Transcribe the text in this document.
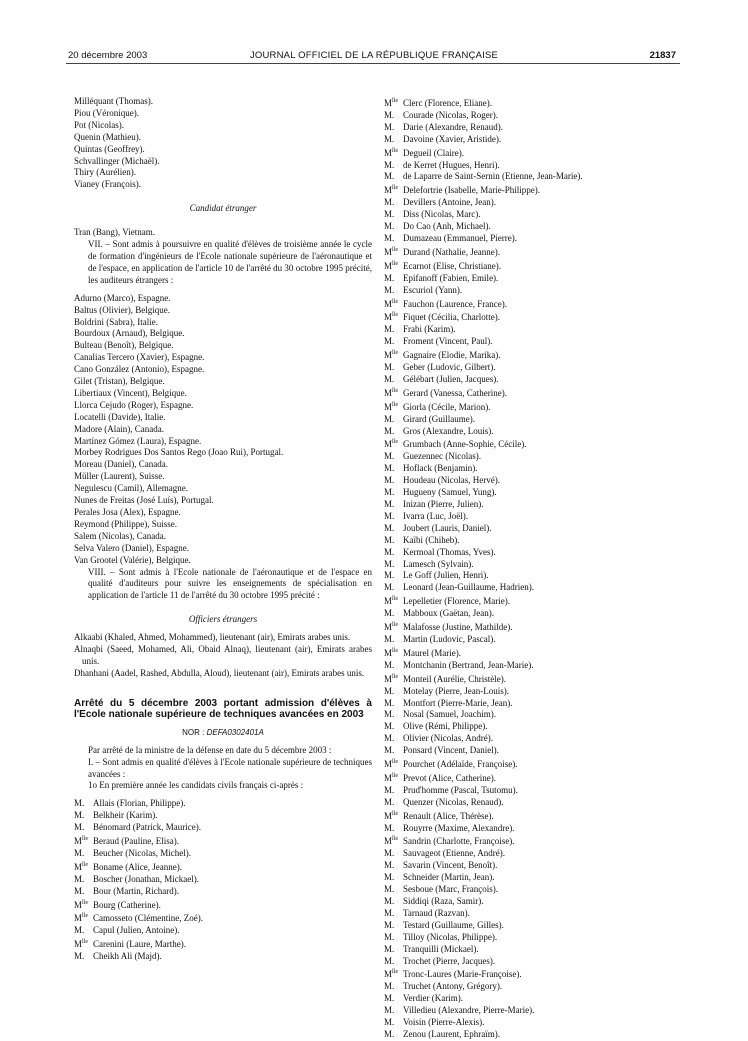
20 décembre 2003	JOURNAL OFFICIEL DE LA RÉPUBLIQUE FRANÇAISE	21837
Milléquant (Thomas).
Piou (Véronique).
Pot (Nicolas).
Quenin (Mathieu).
Quintas (Geoffrey).
Schvallinger (Michaël).
Thiry (Aurélien).
Vianey (François).
Candidat étranger
Tran (Bang), Vietnam.
VII. – Sont admis à poursuivre en qualité d'élèves de troisième année le cycle de formation d'ingénieurs de l'Ecole nationale supérieure de l'aéronautique et de l'espace, en application de l'article 10 de l'arrêté du 30 octobre 1995 précité, les auditeurs étrangers :
Adurno (Marco), Espagne.
Baltus (Olivier), Belgique.
Boldrini (Sabra), Italie.
Bourdoux (Arnaud), Belgique.
Bulteau (Benoît), Belgique.
Canalias Tercero (Xavier), Espagne.
Cano González (Antonio), Espagne.
Gilet (Tristan), Belgique.
Libertiaux (Vincent), Belgique.
Llorca Cejudo (Roger), Espagne.
Locatelli (Davide), Italie.
Madore (Alain), Canada.
Martínez Gómez (Laura), Espagne.
Morbey Rodrigues Dos Santos Rego (Joao Rui), Portugal.
Moreau (Daniel), Canada.
Müller (Laurent), Suisse.
Negulescu (Camil), Allemagne.
Nunes de Freitas (José Luís), Portugal.
Perales Josa (Alex), Espagne.
Reymond (Philippe), Suisse.
Salem (Nicolas), Canada.
Selva Valero (Daniel), Espagne.
Van Grootel (Valérie), Belgique.
VIII. – Sont admis à l'Ecole nationale de l'aéronautique et de l'espace en qualité d'auditeurs pour suivre les enseignements de spécialisation en application de l'article 11 de l'arrêté du 30 octobre 1995 précité :
Officiers étrangers
Alkaabi (Khaled, Ahmed, Mohammed), lieutenant (air), Emirats arabes unis.
Alnaqbi (Saeed, Mohamed, Ali, Obaid Alnaq), lieutenant (air), Emirats arabes unis.
Dhanhani (Aadel, Rashed, Abdulla, Aloud), lieutenant (air), Emirats arabes unis.
Arrêté du 5 décembre 2003 portant admission d'élèves à l'Ecole nationale supérieure de techniques avancées en 2003
NOR : DEFA0302401A
Par arrêté de la ministre de la défense en date du 5 décembre 2003 :
I. – Sont admis en qualité d'élèves à l'Ecole nationale supérieure de techniques avancées :
1o En première année les candidats civils français ci-après :
M. Allais (Florian, Philippe).
M. Belkheir (Karim).
M. Bénomard (Patrick, Maurice).
$M^{lle}$ Beraud (Pauline, Elisa).
M. Beucher (Nicolas, Michel).
$M^{lle}$ Boname (Alice, Jeanne).
M. Boscher (Jonathan, Mickael).
M. Bour (Martin, Richard).
$M^{lle}$ Bourg (Catherine).
$M^{lle}$ Camosseto (Clémentine, Zoé).
M. Capul (Julien, Antoine).
$M^{lle}$ Carenini (Laure, Marthe).
M. Cheikh Ali (Majd).
$M^{lle}$ Clerc (Florence, Eliane).
M. Courade (Nicolas, Roger).
M. Darie (Alexandre, Renaud).
M. Davoine (Xavier, Aristide).
$M^{lle}$ Degueil (Claire).
M. de Kerret (Hugues, Henri).
M. de Laparre de Saint-Sernin (Etienne, Jean-Marie).
$M^{lle}$ Delefortrie (Isabelle, Marie-Philippe).
M. Devillers (Antoine, Jean).
M. Diss (Nicolas, Marc).
M. Do Cao (Anh, Michael).
M. Dumazeau (Emmanuel, Pierre).
$M^{lle}$ Durand (Nathalie, Jeanne).
$M^{lle}$ Ecarnot (Elise, Christiane).
M. Epifanoff (Fabien, Emile).
M. Escuriol (Yann).
$M^{lle}$ Fauchon (Laurence, France).
$M^{lle}$ Fiquet (Cécilia, Charlotte).
M. Frabi (Karim).
M. Froment (Vincent, Paul).
$M^{lle}$ Gagnaire (Elodie, Marika).
M. Geber (Ludovic, Gilbert).
M. Gélébart (Julien, Jacques).
$M^{lle}$ Gerard (Vanessa, Catherine).
$M^{lle}$ Giorla (Cécile, Marion).
M. Girard (Guillaume).
M. Gros (Alexandre, Louis).
$M^{lle}$ Grumbach (Anne-Sophie, Cécile).
M. Guezennec (Nicolas).
M. Hoflack (Benjamin).
M. Houdeau (Nicolas, Hervé).
M. Hugueny (Samuel, Yung).
M. Inizan (Pierre, Julien).
M. Ivarra (Luc, Joël).
M. Joubert (Lauris, Daniel).
M. Kaïbi (Chiheb).
M. Kermoal (Thomas, Yves).
M. Lamesch (Sylvain).
M. Le Goff (Julien, Henri).
M. Leonard (Jean-Guillaume, Hadrien).
$M^{lle}$ Lepelletier (Florence, Marie).
M. Mabboux (Gaëtan, Jean).
$M^{lle}$ Malafosse (Justine, Mathilde).
M. Martin (Ludovic, Pascal).
$M^{lle}$ Maurel (Marie).
M. Montchanin (Bertrand, Jean-Marie).
$M^{lle}$ Monteil (Aurélie, Christèle).
M. Motelay (Pierre, Jean-Louis).
M. Montfort (Pierre-Marie, Jean).
M. Nosal (Samuel, Joachim).
M. Olive (Rémi, Philippe).
M. Olivier (Nicolas, André).
M. Ponsard (Vincent, Daniel).
$M^{lle}$ Pourchet (Adélaïde, Françoise).
$M^{lle}$ Prevot (Alice, Catherine).
M. Prud'homme (Pascal, Tsutomu).
M. Quenzer (Nicolas, Renaud).
$M^{lle}$ Renault (Alice, Thérèse).
M. Rouyrre (Maxime, Alexandre).
$M^{lle}$ Sandrin (Charlotte, Françoise).
M. Sauvageot (Etienne, André).
M. Savarin (Vincent, Benoît).
M. Schneider (Martin, Jean).
M. Sesboue (Marc, François).
M. Siddiqi (Raza, Samir).
M. Tarnaud (Razvan).
M. Testard (Guillaume, Gilles).
M. Tilloy (Nicolas, Philippe).
M. Tranquilli (Mickael).
M. Trochet (Pierre, Jacques).
$M^{lle}$ Tronc-Laures (Marie-Françoise).
M. Truchet (Antony, Grégory).
M. Verdier (Karim).
M. Villedieu (Alexandre, Pierre-Marie).
M. Voisin (Pierre-Alexis).
M. Zenou (Laurent, Ephraïm).
